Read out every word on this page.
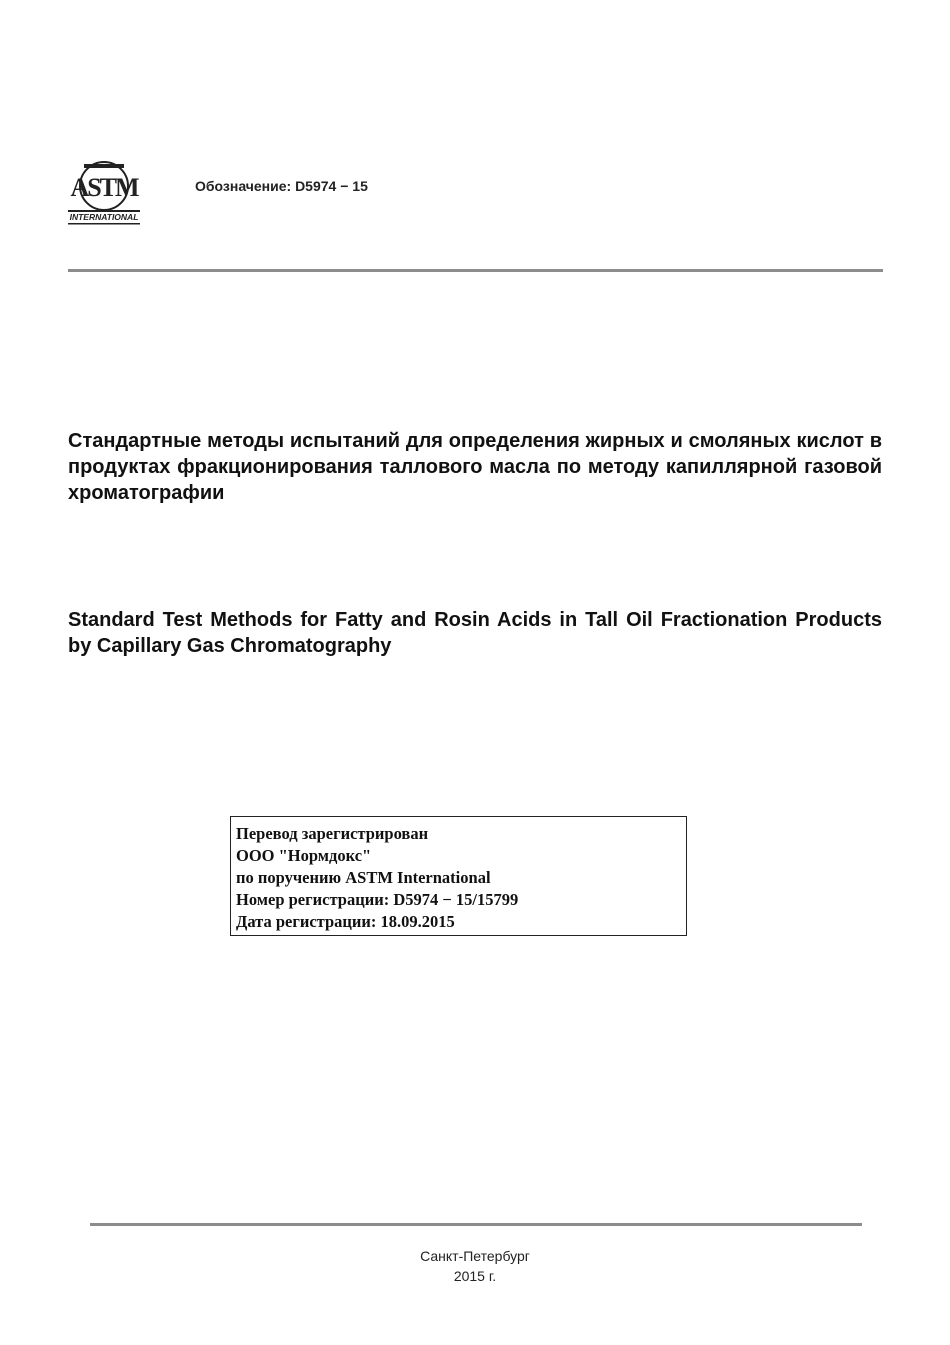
ASTM
INTERNATIONAL
Обозначение: D5974 − 15
Стандартные методы испытаний для определения жирных и смоляных кислот в продуктах фракционирования таллового масла по методу капиллярной газовой хроматографии
Standard Test Methods for Fatty and Rosin Acids in Tall Oil Fractionation Products by Capillary Gas Chromatography
Перевод зарегистрирован
ООО "Нормдокс"
по поручению ASTM International
Номер регистрации: D5974 − 15/15799
Дата регистрации: 18.09.2015
Санкт-Петербург
2015 г.
